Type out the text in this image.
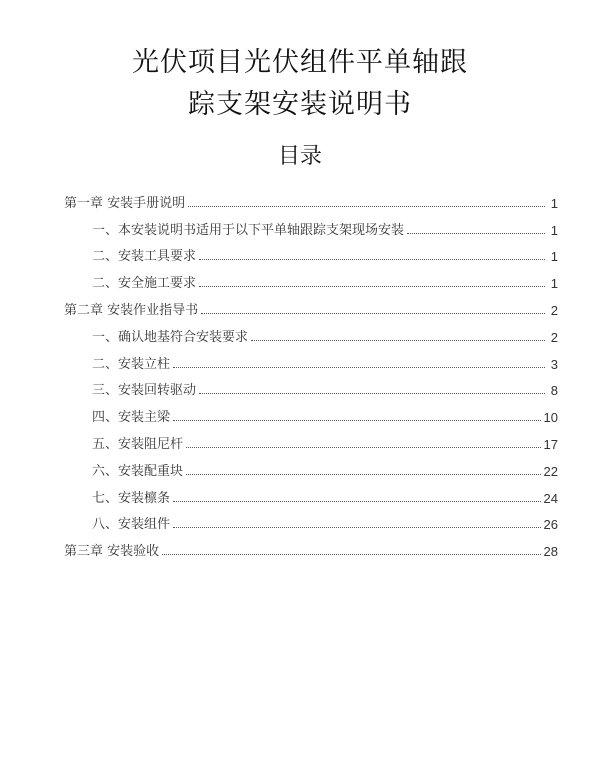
光伏项目光伏组件平单轴跟
踪支架安装说明书
目录
第一章 安装手册说明	1
一、本安装说明书适用于以下平单轴跟踪支架现场安装	1
二、安装工具要求	1
二、安全施工要求	1
第二章 安装作业指导书	2
一、确认地基符合安装要求	2
二、安装立柱	3
三、安装回转驱动	8
四、安装主梁	10
五、安装阻尼杆	17
六、安装配重块	22
七、安装檩条	24
八、安装组件	26
第三章 安装验收	28
